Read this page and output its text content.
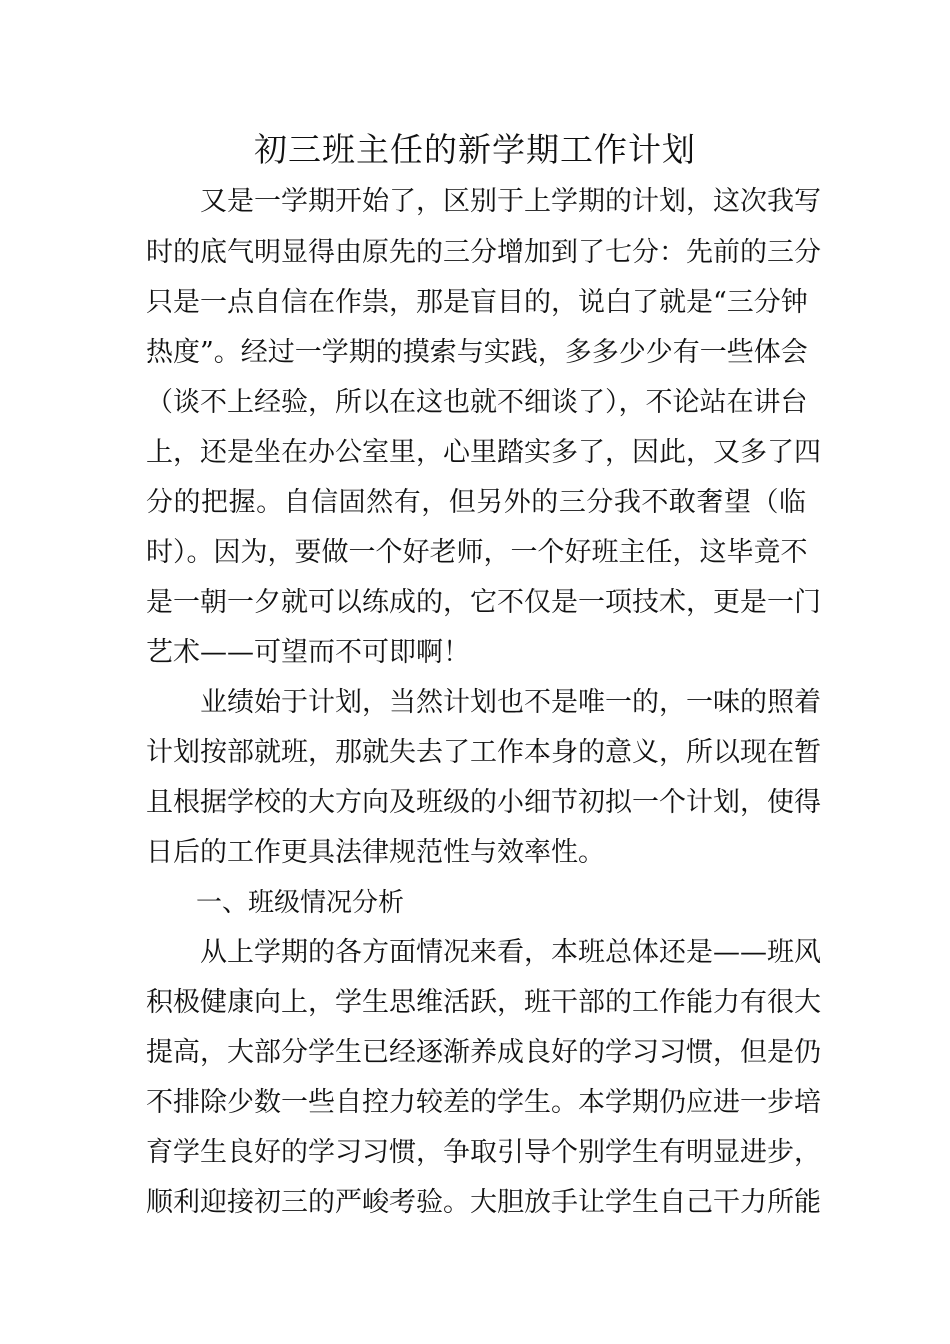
初三班主任的新学期工作计划
又是一学期开始了，区别于上学期的计划，这次我写
时的底气明显得由原先的三分增加到了七分：先前的三分
只是一点自信在作祟，那是盲目的，说白了就是“三分钟
热度”。经过一学期的摸索与实践，多多少少有一些体会
（谈不上经验，所以在这也就不细谈了），不论站在讲台
上，还是坐在办公室里，心里踏实多了，因此，又多了四
分的把握。自信固然有，但另外的三分我不敢奢望（临
时）。因为，要做一个好老师，一个好班主任，这毕竟不
是一朝一夕就可以练成的，它不仅是一项技术，更是一门
艺术——可望而不可即啊！
业绩始于计划，当然计划也不是唯一的，一味的照着
计划按部就班，那就失去了工作本身的意义，所以现在暂
且根据学校的大方向及班级的小细节初拟一个计划，使得
日后的工作更具法律规范性与效率性。
一、班级情况分析
从上学期的各方面情况来看，本班总体还是——班风
积极健康向上，学生思维活跃，班干部的工作能力有很大
提高，大部分学生已经逐渐养成良好的学习习惯，但是仍
不排除少数一些自控力较差的学生。本学期仍应进一步培
育学生良好的学习习惯，争取引导个别学生有明显进步，
顺利迎接初三的严峻考验。大胆放手让学生自己干力所能
